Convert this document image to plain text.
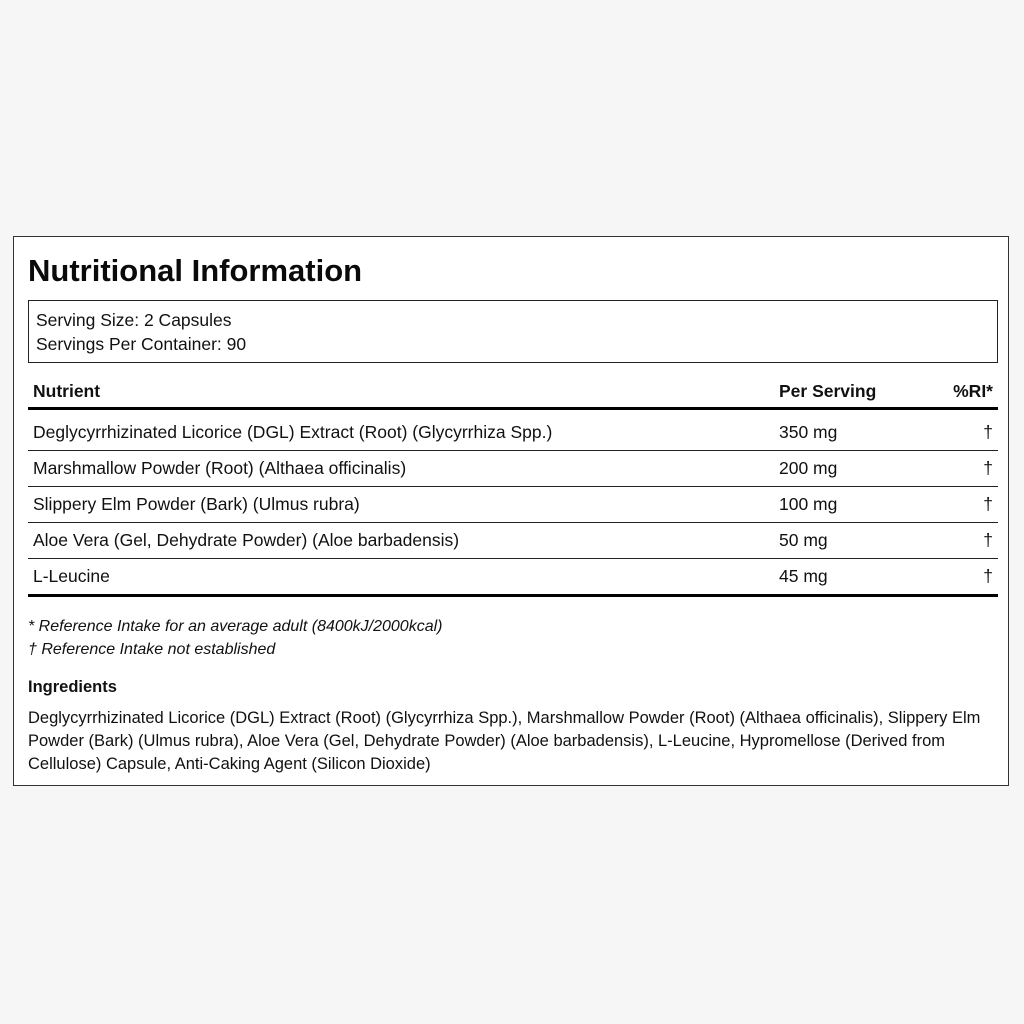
Nutritional Information
Serving Size: 2 Capsules
Servings Per Container: 90
Nutrient	Per Serving	%RI*
Deglycyrrhizinated Licorice (DGL) Extract (Root) (Glycyrrhiza Spp.)	350 mg	†
Marshmallow Powder (Root) (Althaea officinalis)	200 mg	†
Slippery Elm Powder (Bark) (Ulmus rubra)	100 mg	†
Aloe Vera (Gel, Dehydrate Powder) (Aloe barbadensis)	50 mg	†
L-Leucine	45 mg	†
* Reference Intake for an average adult (8400kJ/2000kcal)
† Reference Intake not established
Ingredients

Deglycyrrhizinated Licorice (DGL) Extract (Root) (Glycyrrhiza Spp.), Marshmallow Powder (Root) (Althaea officinalis), Slippery Elm Powder (Bark) (Ulmus rubra), Aloe Vera (Gel, Dehydrate Powder) (Aloe barbadensis), L-Leucine, Hypromellose (Derived from Cellulose) Capsule, Anti-Caking Agent (Silicon Dioxide)
